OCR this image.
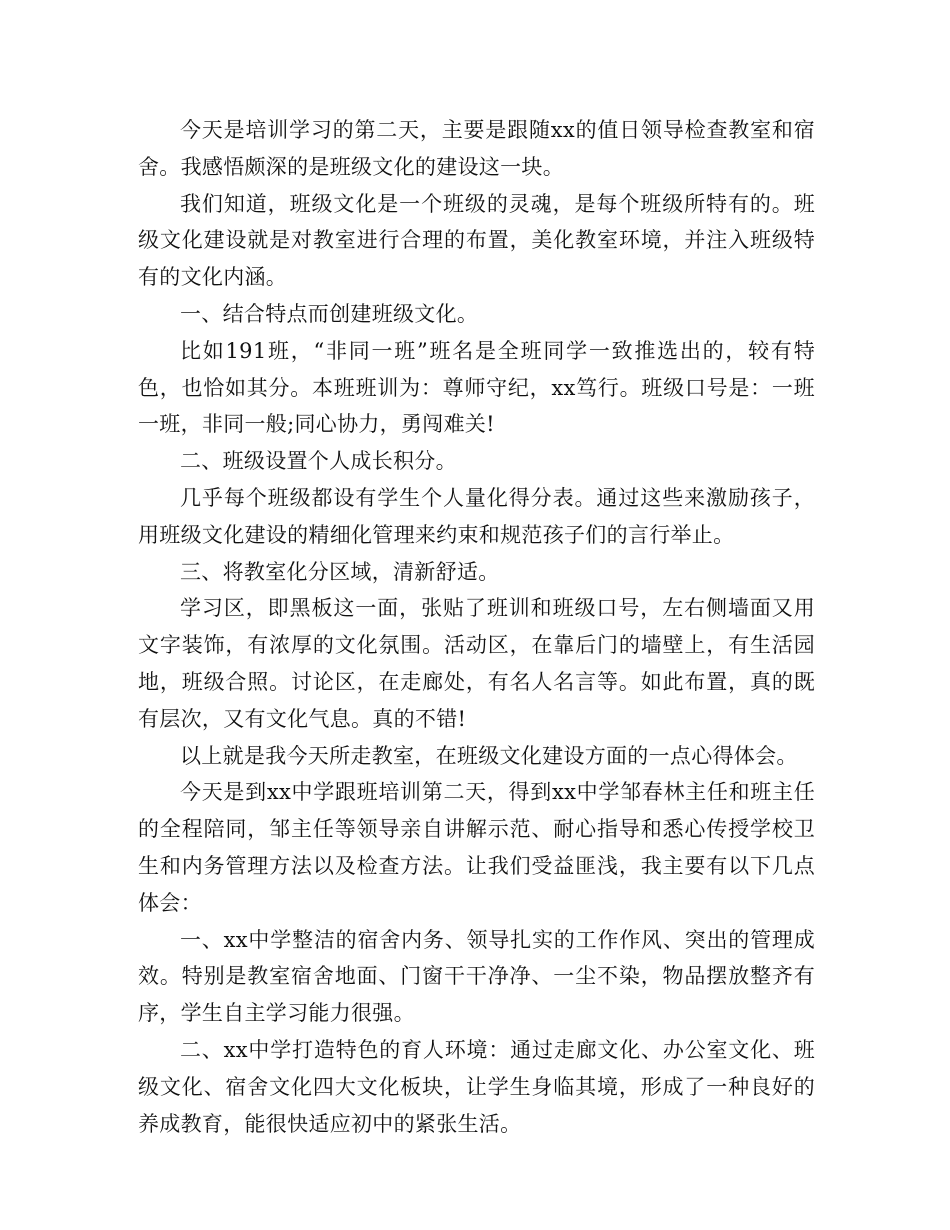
今天是培训学习的第二天，主要是跟随xx的值日领导检查教室和宿舍。我感悟颇深的是班级文化的建设这一块。

我们知道，班级文化是一个班级的灵魂，是每个班级所特有的。班级文化建设就是对教室进行合理的布置，美化教室环境，并注入班级特有的文化内涵。

一、结合特点而创建班级文化。

比如191班，“非同一班”班名是全班同学一致推选出的，较有特色，也恰如其分。本班班训为：尊师守纪，xx笃行。班级口号是：一班一班，非同一般;同心协力，勇闯难关!

二、班级设置个人成长积分。

几乎每个班级都设有学生个人量化得分表。通过这些来激励孩子，用班级文化建设的精细化管理来约束和规范孩子们的言行举止。

三、将教室化分区域，清新舒适。

学习区，即黑板这一面，张贴了班训和班级口号，左右侧墙面又用文字装饰，有浓厚的文化氛围。活动区，在靠后门的墙壁上，有生活园地，班级合照。讨论区，在走廊处，有名人名言等。如此布置，真的既有层次，又有文化气息。真的不错!

以上就是我今天所走教室，在班级文化建设方面的一点心得体会。

今天是到xx中学跟班培训第二天，得到xx中学邹春林主任和班主任的全程陪同，邹主任等领导亲自讲解示范、耐心指导和悉心传授学校卫生和内务管理方法以及检查方法。让我们受益匪浅，我主要有以下几点体会：

一、xx中学整洁的宿舍内务、领导扎实的工作作风、突出的管理成效。特别是教室宿舍地面、门窗干干净净、一尘不染，物品摆放整齐有序，学生自主学习能力很强。

二、xx中学打造特色的育人环境：通过走廊文化、办公室文化、班级文化、宿舍文化四大文化板块，让学生身临其境，形成了一种良好的养成教育，能很快适应初中的紧张生活。
